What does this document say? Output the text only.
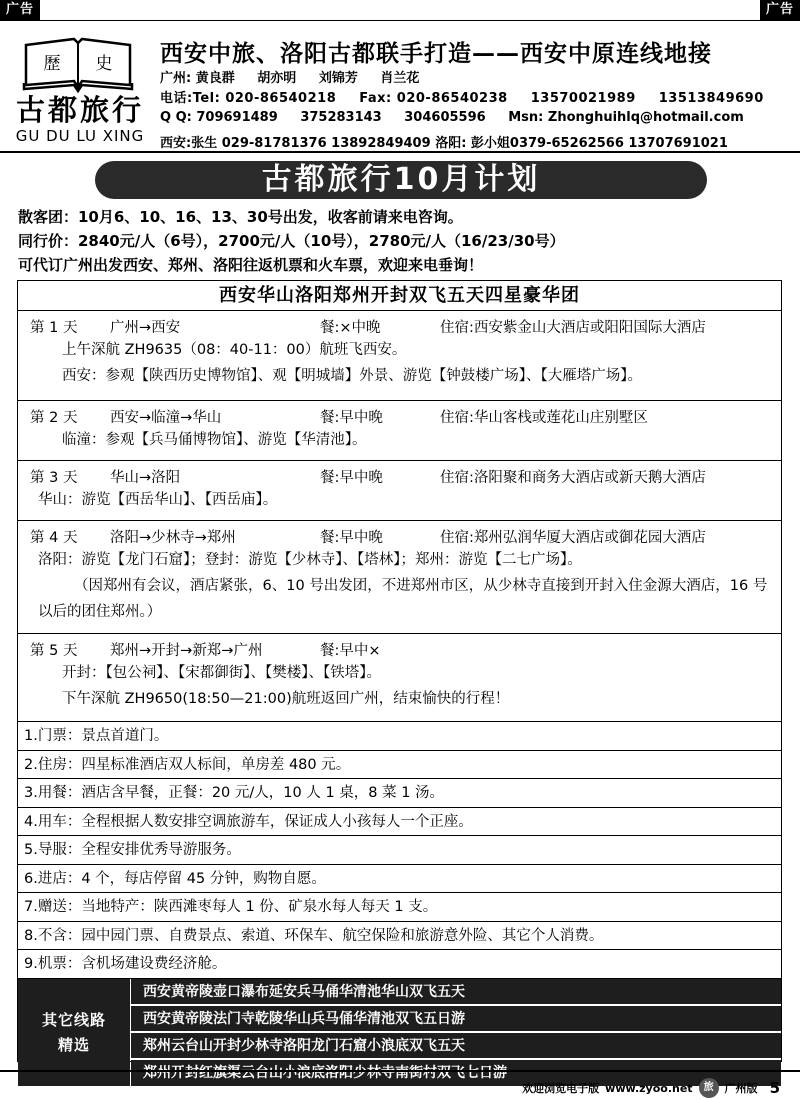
广告	广告
歷 史
古都旅行
GU DU LU XING
西安中旅、洛阳古都联手打造——西安中原连线地接
广州: 黄良群 胡亦明 刘锦芳 肖兰花
电话:Tel: 020-86540218 Fax: 020-86540238 13570021989 13513849690
Q Q: 709691489 375283143 304605596 Msn: Zhonghuihlq@hotmail.com
西安:张生 029-81781376 13892849409 洛阳: 彭小姐0379-65262566 13707691021
古都旅行10月计划
散客团：10月6、10、16、13、30号出发，收客前请来电咨询。
同行价：2840元/人（6号），2700元/人（10号），2780元/人（16/23/30号）
可代订广州出发西安、郑州、洛阳往返机票和火车票，欢迎来电垂询！
西安华山洛阳郑州开封双飞五天四星豪华团
第 1 天 广州→西安	餐:×中晚	住宿:西安紫金山大酒店或阳阳国际大酒店
上午深航 ZH9635（08：40-11：00）航班飞西安。
西安：参观【陕西历史博物馆】、观【明城墙】外景、游览【钟鼓楼广场】、【大雁塔广场】。
第 2 天 西安→临潼→华山	餐:早中晚	住宿:华山客栈或莲花山庄别墅区
临潼：参观【兵马俑博物馆】、游览【华清池】。
第 3 天 华山→洛阳	餐:早中晚	住宿:洛阳聚和商务大酒店或新天鹅大酒店
华山：游览【西岳华山】、【西岳庙】。
第 4 天 洛阳→少林寺→郑州	餐:早中晚	住宿:郑州弘润华厦大酒店或御花园大酒店
洛阳：游览【龙门石窟】；登封：游览【少林寺】、【塔林】；郑州：游览【二七广场】。
（因郑州有会议，酒店紧张，6、10 号出发团，不进郑州市区，从少林寺直接到开封入住金源大酒店，16 号以后的团住郑州。）
第 5 天 郑州→开封→新郑→广州	餐:早中×
开封：【包公祠】、【宋都御街】、【樊楼】、【铁塔】。
下午深航 ZH9650(18:50—21:00)航班返回广州，结束愉快的行程！
1.门票：景点首道门。
2.住房：四星标准酒店双人标间，单房差 480 元。
3.用餐：酒店含早餐，正餐：20 元/人，10 人 1 桌，8 菜 1 汤。
4.用车：全程根据人数安排空调旅游车，保证成人小孩每人一个正座。
5.导服：全程安排优秀导游服务。
6.进店：4 个，每店停留 45 分钟，购物自愿。
7.赠送：当地特产：陕西滩枣每人 1 份、矿泉水每人每天 1 支。
8.不含：园中园门票、自费景点、索道、环保车、航空保险和旅游意外险、其它个人消费。
9.机票：含机场建设费经济舱。
其它线路
精选
西安黄帝陵壶口瀑布延安兵马俑华清池华山双飞五天
西安黄帝陵法门寺乾陵华山兵马俑华清池双飞五日游
郑州云台山开封少林寺洛阳龙门石窟小浪底双飞五天
郑州开封红旗渠云台山小浪底洛阳少林寺南街村双飞七日游
欢迎浏览电子版 www.zyoo.net	旅	广州版 5
